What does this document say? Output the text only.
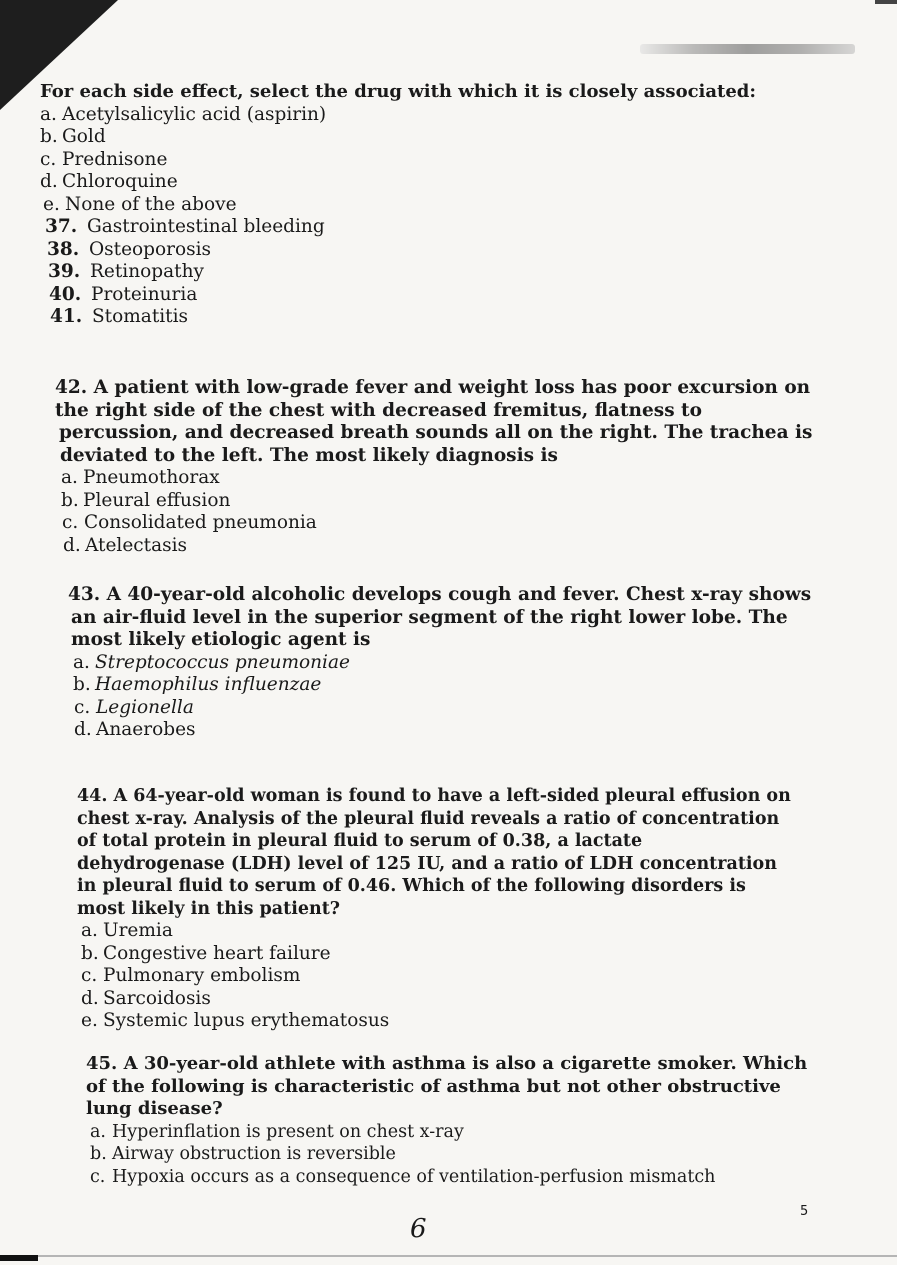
For each side effect, select the drug with which it is closely associated:
a. Acetylsalicylic acid (aspirin)
b. Gold
c. Prednisone
d. Chloroquine
e. None of the above
37. Gastrointestinal bleeding
38. Osteoporosis
39. Retinopathy
40. Proteinuria
41. Stomatitis
42. A patient with low-grade fever and weight loss has poor excursion on
the right side of the chest with decreased fremitus, flatness to
percussion, and decreased breath sounds all on the right. The trachea is
deviated to the left. The most likely diagnosis is
a. Pneumothorax
b. Pleural effusion
c. Consolidated pneumonia
d. Atelectasis
43. A 40-year-old alcoholic develops cough and fever. Chest x-ray shows
an air-fluid level in the superior segment of the right lower lobe. The
most likely etiologic agent is
a. Streptococcus pneumoniae
b. Haemophilus influenzae
c. Legionella
d. Anaerobes
44. A 64-year-old woman is found to have a left-sided pleural effusion on
chest x-ray. Analysis of the pleural fluid reveals a ratio of concentration
of total protein in pleural fluid to serum of 0.38, a lactate
dehydrogenase (LDH) level of 125 IU, and a ratio of LDH concentration
in pleural fluid to serum of 0.46. Which of the following disorders is
most likely in this patient?
a. Uremia
b. Congestive heart failure
c. Pulmonary embolism
d. Sarcoidosis
e. Systemic lupus erythematosus
45. A 30-year-old athlete with asthma is also a cigarette smoker. Which
of the following is characteristic of asthma but not other obstructive
lung disease?
a. Hyperinflation is present on chest x-ray
b. Airway obstruction is reversible
c. Hypoxia occurs as a consequence of ventilation-perfusion mismatch
5
6
